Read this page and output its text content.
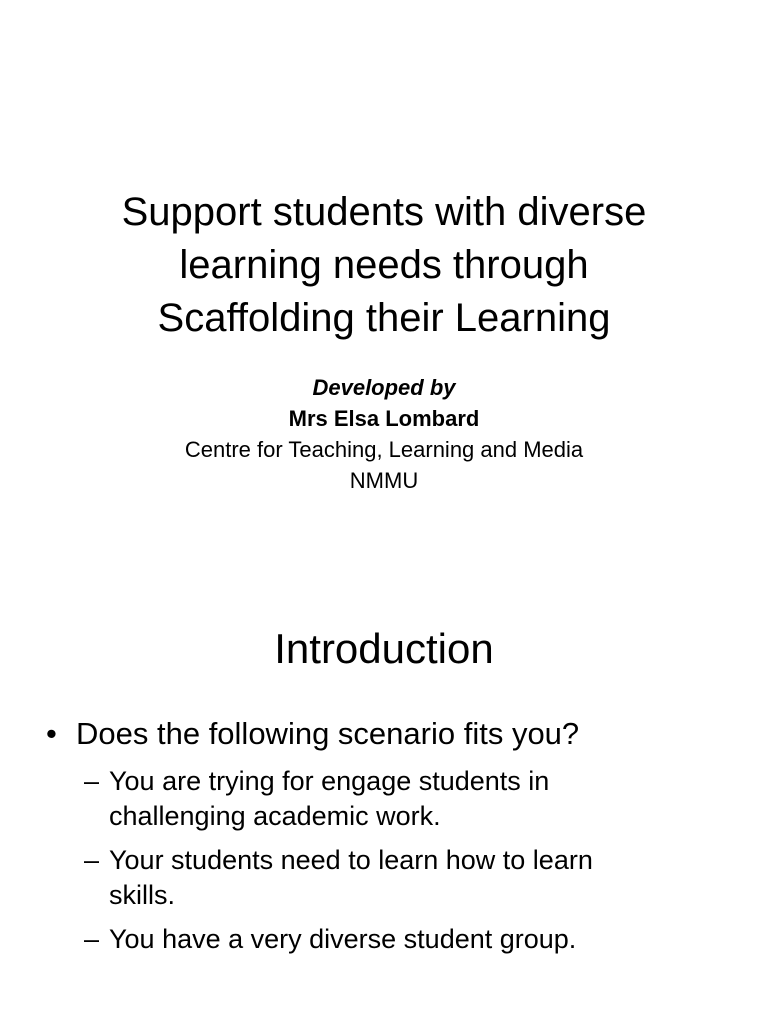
Support students with diverse
learning needs through
Scaffolding their Learning
Developed by
Mrs Elsa Lombard
Centre for Teaching, Learning and Media
NMMU
Introduction
• Does the following scenario fits you?
– You are trying for engage students in
challenging academic work.
– Your students need to learn how to learn
skills.
– You have a very diverse student group.
